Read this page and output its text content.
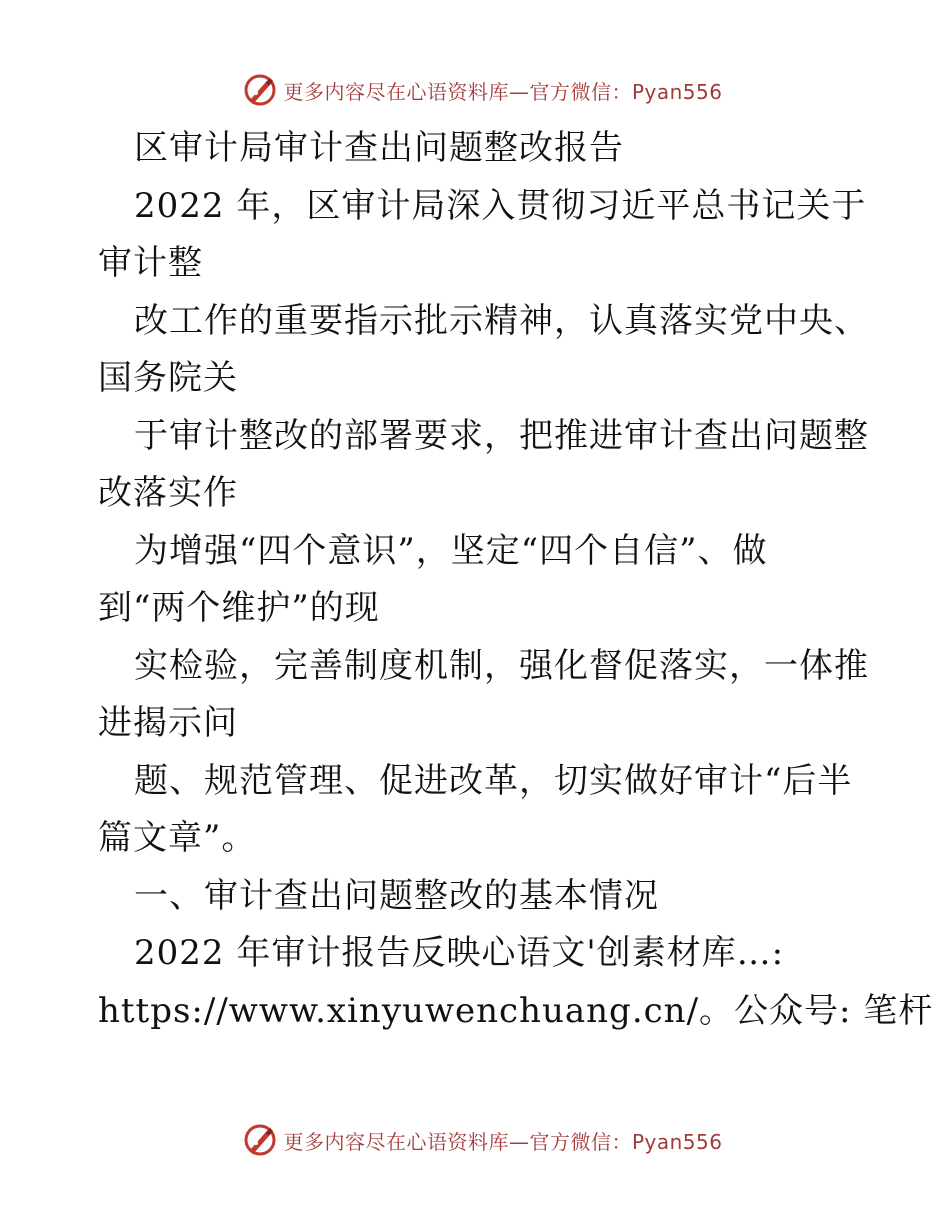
更多内容尽在心语资料库—官方微信：Pyan556
区审计局审计查出问题整改报告
2022 年，区审计局深入贯彻习近平总书记关于
审计整
改工作的重要指示批示精神，认真落实党中央、
国务院关
于审计整改的部署要求，把推进审计查出问题整
改落实作
为增强“四个意识”，坚定“四个自信”、做
到“两个维护”的现
实检验，完善制度机制，强化督促落实，一体推
进揭示问
题、规范管理、促进改革，切实做好审计“后半
篇文章”。
一、审计查出问题整改的基本情况
2022 年审计报告反映心语文'创素材库…:
https://www.xinyuwenchuang.cn/。公众号: 笔杆
更多内容尽在心语资料库—官方微信：Pyan556
